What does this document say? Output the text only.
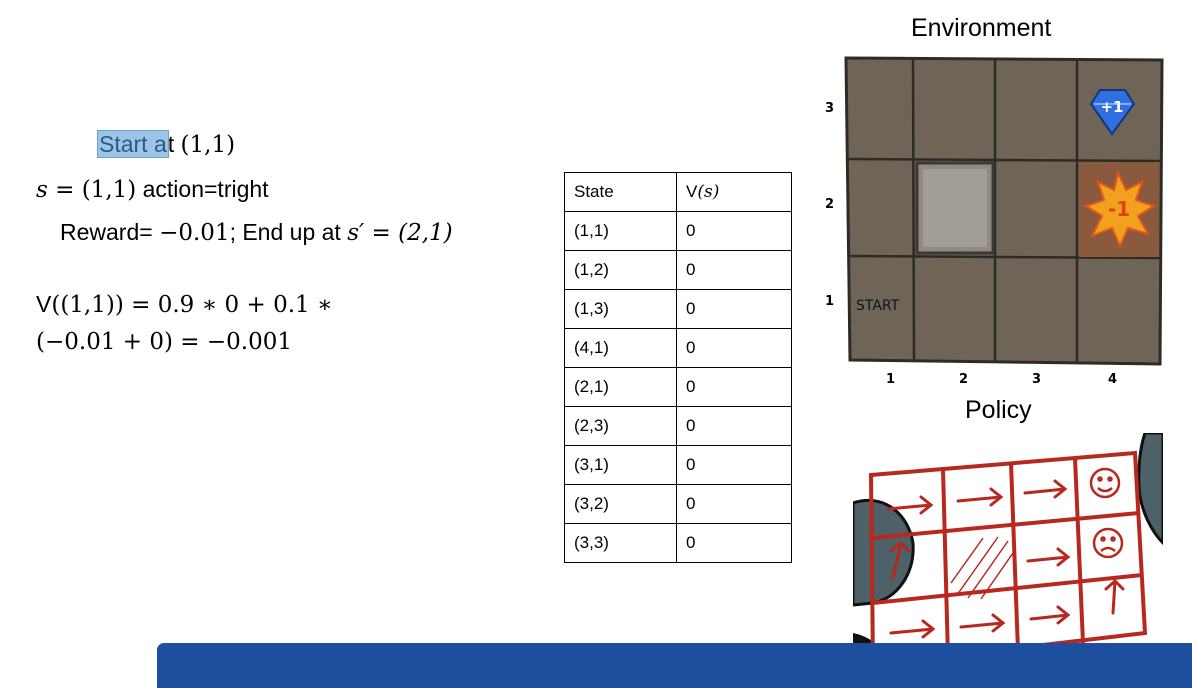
Start at (1,1)
s = (1,1) action=tright
Reward= −0.01; End up at s′ = (2,1)
V((1,1)) = 0.9 ∗ 0 + 0.1 ∗
(−0.01 + 0) = −0.001
State	V(s)
(1,1)	0
(1,2)	0
(1,3)	0
(4,1)	0
(2,1)	0
(2,3)	0
(3,1)	0
(3,2)	0
(3,3)	0
Environment
-1
+1
START
3
2
1
1	2	3	4
Policy
